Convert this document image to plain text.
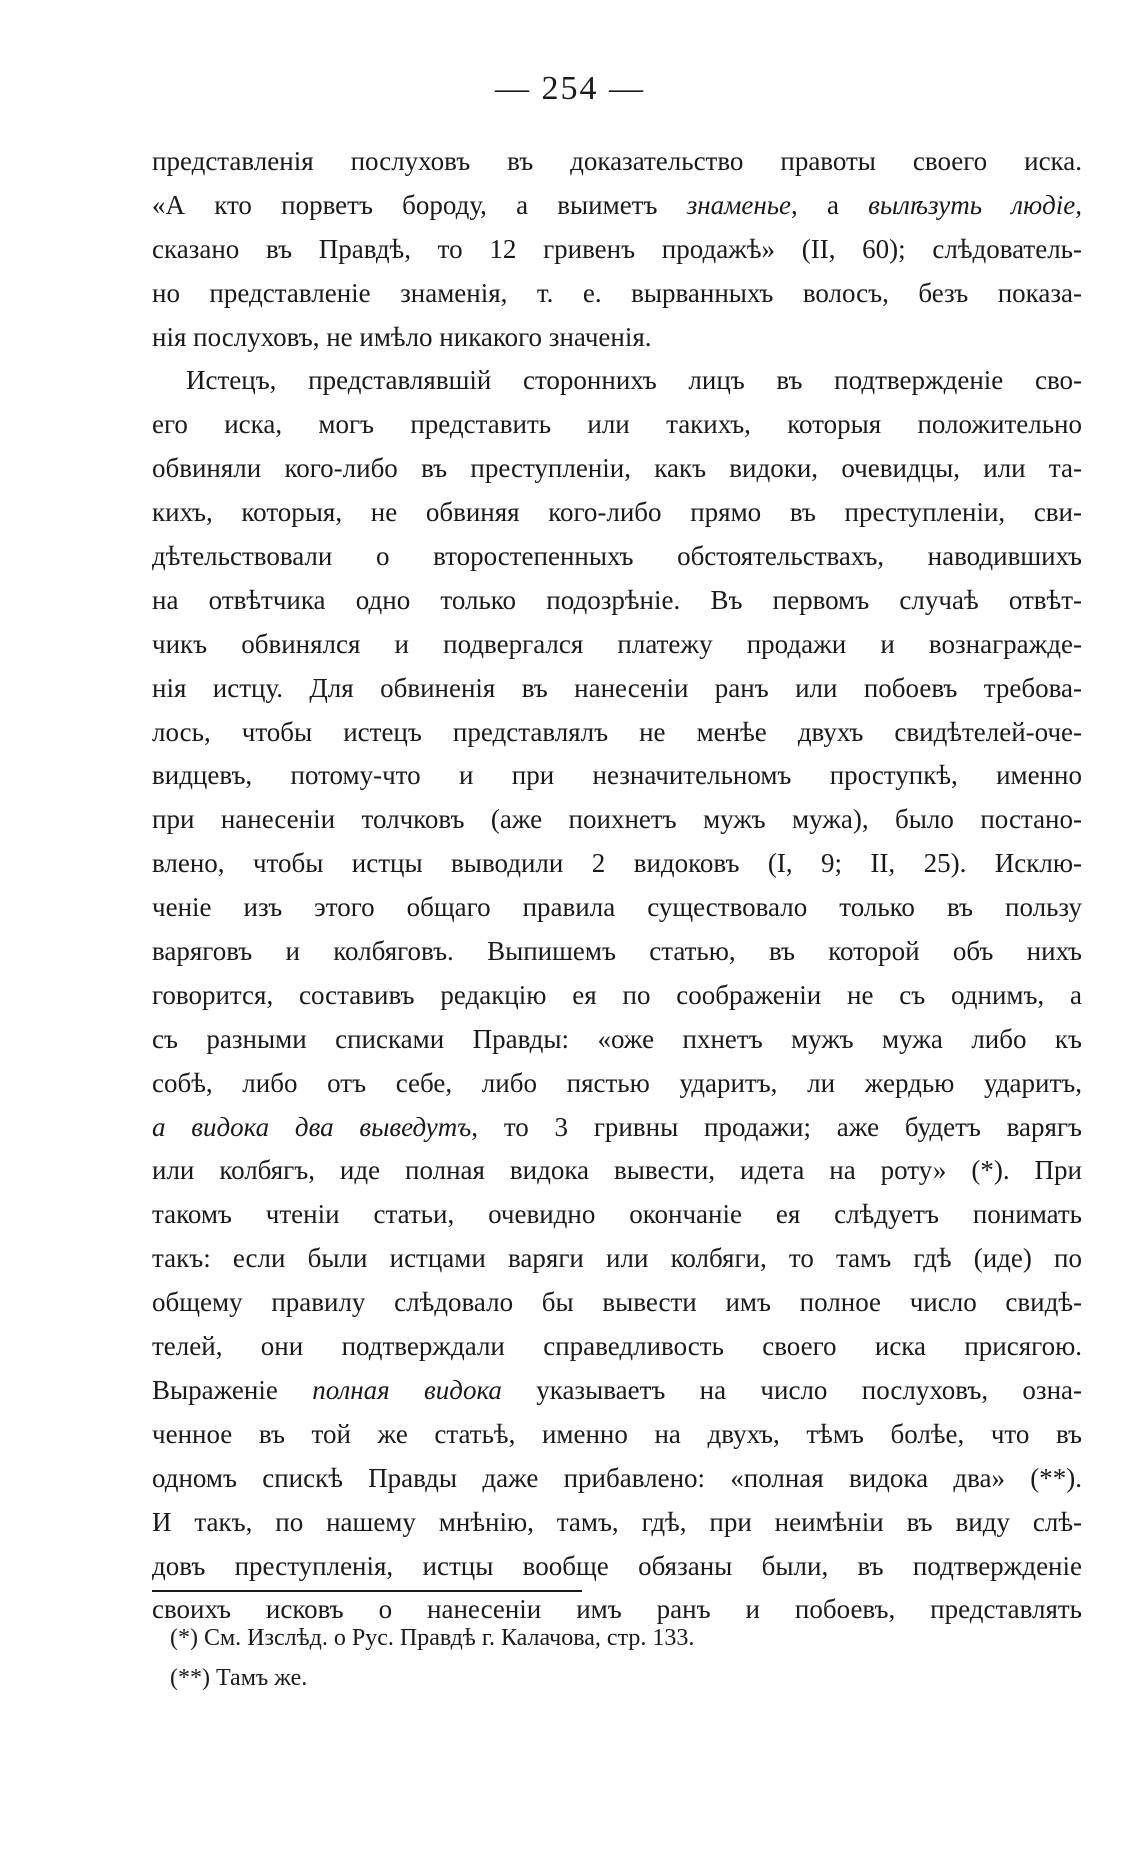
— 254 —
представленія послуховъ въ доказательство правоты своего иска.
«А кто порветъ бороду, а выиметъ знаменье, а вылѣзуть людіе,
сказано въ Правдѣ, то 12 гривенъ продажѣ» (II, 60); слѣдователь-
но представленіе знаменія, т. е. вырванныхъ волосъ, безъ показа-
нія послуховъ, не имѣло никакого значенія.
Истецъ, представлявшій стороннихъ лицъ въ подтвержденіе сво-
его иска, могъ представить или такихъ, которыя положительно
обвиняли кого-либо въ преступленіи, какъ видоки, очевидцы, или та-
кихъ, которыя, не обвиняя кого-либо прямо въ преступленіи, сви-
дѣтельствовали о второстепенныхъ обстоятельствахъ, наводившихъ
на отвѣтчика одно только подозрѣніе. Въ первомъ случаѣ отвѣт-
чикъ обвинялся и подвергался платежу продажи и вознагражде-
нія истцу. Для обвиненія въ нанесеніи ранъ или побоевъ требова-
лось, чтобы истецъ представлялъ не менѣе двухъ свидѣтелей-оче-
видцевъ, потому-что и при незначительномъ проступкѣ, именно
при нанесеніи толчковъ (аже поихнетъ мужъ мужа), было постано-
влено, чтобы истцы выводили 2 видоковъ (I, 9; II, 25). Исклю-
ченіе изъ этого общаго правила существовало только въ пользу
варяговъ и колбяговъ. Выпишемъ статью, въ которой объ нихъ
говорится, составивъ редакцію ея по соображеніи не съ однимъ, а
съ разными списками Правды: «оже пхнетъ мужъ мужа либо къ
собѣ, либо отъ себе, либо пястью ударитъ, ли жердью ударитъ,
а видока два выведутъ, то 3 гривны продажи; аже будетъ варягъ
или колбягъ, иде полная видока вывести, идета на роту» (*). При
такомъ чтеніи статьи, очевидно окончаніе ея слѣдуетъ понимать
такъ: если были истцами варяги или колбяги, то тамъ гдѣ (иде) по
общему правилу слѣдовало бы вывести имъ полное число свидѣ-
телей, они подтверждали справедливость своего иска присягою.
Выраженіе полная видока указываетъ на число послуховъ, озна-
ченное въ той же статьѣ, именно на двухъ, тѣмъ болѣе, что въ
одномъ спискѣ Правды даже прибавлено: «полная видока два» (**).
И такъ, по нашему мнѣнію, тамъ, гдѣ, при неимѣніи въ виду слѣ-
довъ преступленія, истцы вообще обязаны были, въ подтвержденіе
своихъ исковъ о нанесеніи имъ ранъ и побоевъ, представлять
(*) См. Изслѣд. о Рус. Правдѣ г. Калачова, стр. 133.
(**) Тамъ же.
